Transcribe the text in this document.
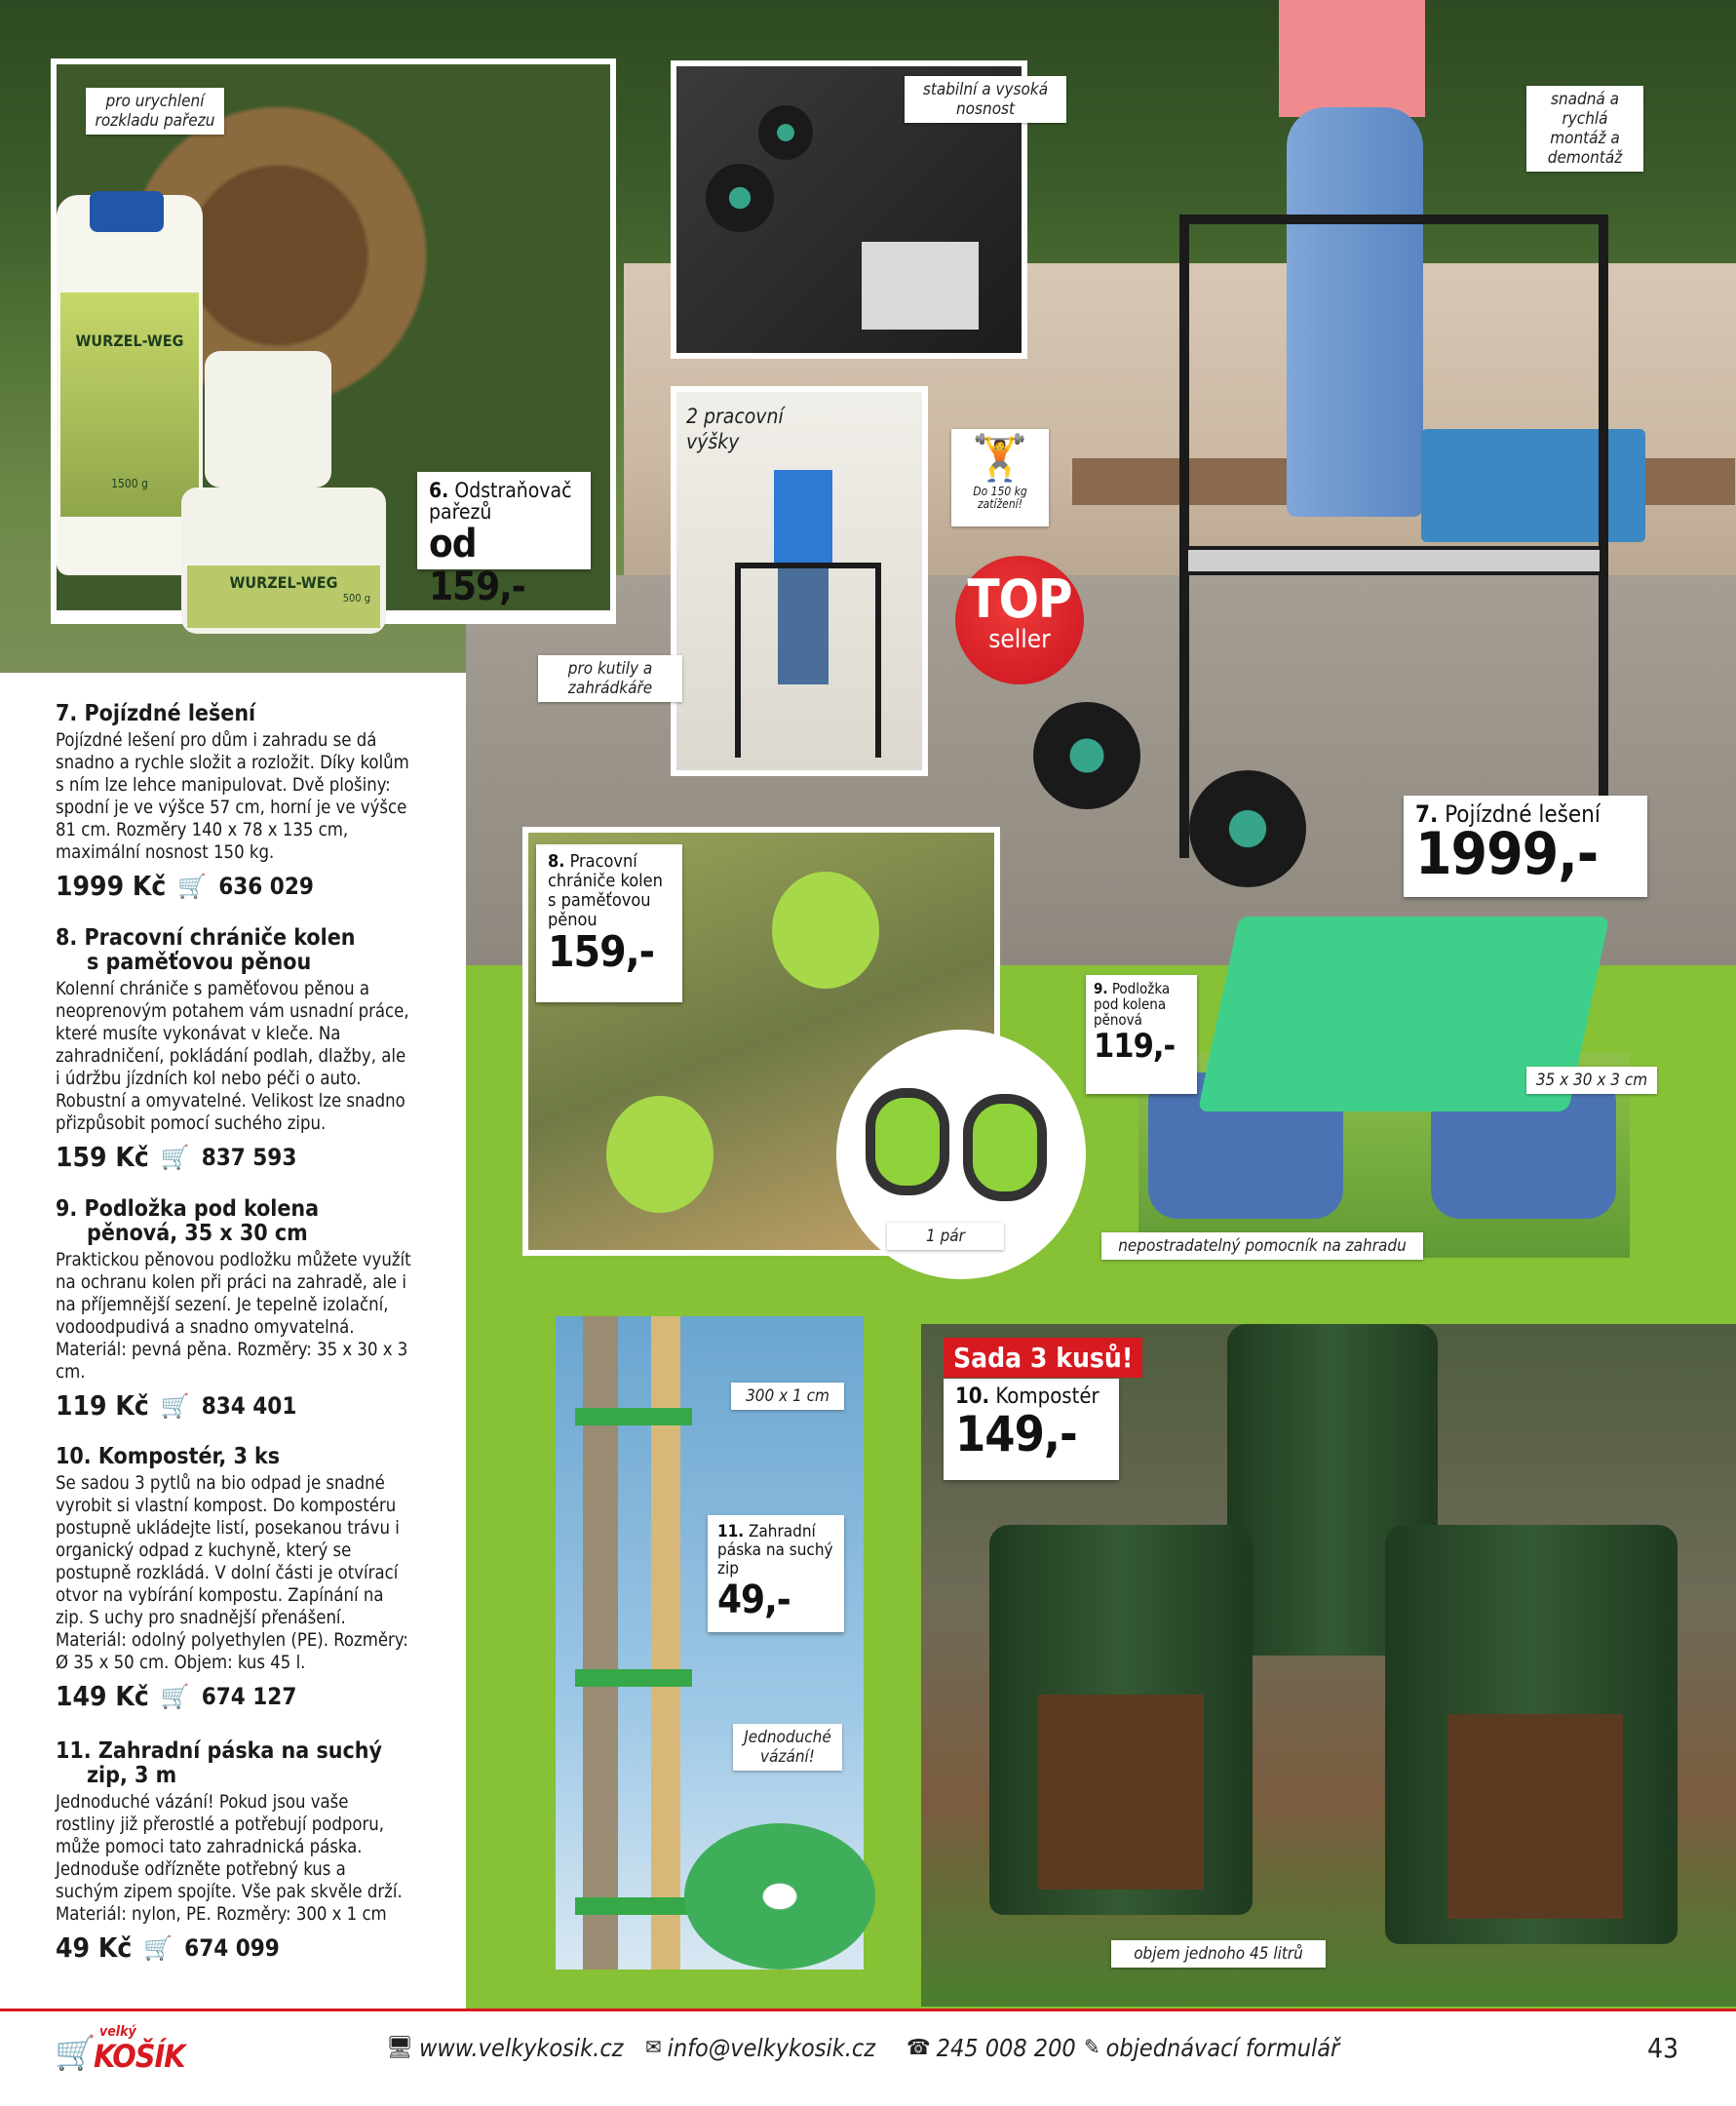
WURZEL-WEG
1500 g
WURZEL-WEG
500 g
pro urychlení rozkladu pařezu
stabilní a vysoká nosnost	snadná a rychlá montáž a demontáž
2 pracovní výšky
pro kutily a zahrádkáře
🏋
Do 150 kg zatížení!
TOP
seller
1 pár
35 x 30 x 3 cm
nepostradatelný pomocník na zahradu
300 x 1 cm
Jednoduché vázání!
objem jednoho 45 litrů
6. Odstraňovač pařezů
od 159,-
7. Pojízdné lešení
1999,-
8. Pracovní chrániče kolen s paměťovou pěnou
159,-
9. Podložka pod kolena pěnová
119,-
Sada 3 kusů!
10. Kompostér
149,-
11. Zahradní páska na suchý zip
49,-
7. Pojízdné lešení

Pojízdné lešení pro dům i zahradu se dá snadno a rychle složit a rozložit. Díky kolům s ním lze lehce manipulovat. Dvě plošiny: spodní je ve výšce 57 cm, horní je ve výšce 81 cm. Rozměry 140 x 78 x 135 cm, maximální nosnost 150 kg.

1999 Kč 🛒 636 029
8. Pracovní chrániče kolen
s paměťovou pěnou

Kolenní chrániče s paměťovou pěnou a neoprenovým potahem vám usnadní práce, které musíte vykonávat v kleče. Na zahradničení, pokládání podlah, dlažby, ale i údržbu jízdních kol nebo péči o auto. Robustní a omyvatelné. Velikost lze snadno přizpůsobit pomocí suchého zipu.

159 Kč 🛒 837 593
9. Podložka pod kolena
pěnová, 35 x 30 cm

Praktickou pěnovou podložku můžete využít na ochranu kolen při práci na zahradě, ale i na příjemnější sezení. Je tepelně izolační, vodoodpudivá a snadno omyvatelná. Materiál: pevná pěna. Rozměry: 35 x 30 x 3 cm.

119 Kč 🛒 834 401
10. Kompostér, 3 ks

Se sadou 3 pytlů na bio odpad je snadné vyrobit si vlastní kompost. Do kompostéru postupně ukládejte listí, posekanou trávu i organický odpad z kuchyně, který se postupně rozkládá. V dolní části je otvírací otvor na vybírání kompostu. Zapínání na zip. S uchy pro snadnější přenášení. Materiál: odolný polyethylen (PE). Rozměry: Ø 35 x 50 cm. Objem: kus 45 l.

149 Kč 🛒 674 127
11. Zahradní páska na suchý
zip, 3 m

Jednoduché vázání! Pokud jsou vaše rostliny již přerostlé a potřebují podporu, může pomoci tato zahradnická páska. Jednoduše odřízněte potřebný kus a suchým zipem spojíte. Vše pak skvěle drží. Materiál: nylon, PE. Rozměry: 300 x 1 cm

49 Kč 🛒 674 099
🛒
velký
KOŠÍK	🖥 www.velkykosik.cz ✉ info@velkykosik.cz ☎ 245 008 200 ✎ objednávací formulář	43
